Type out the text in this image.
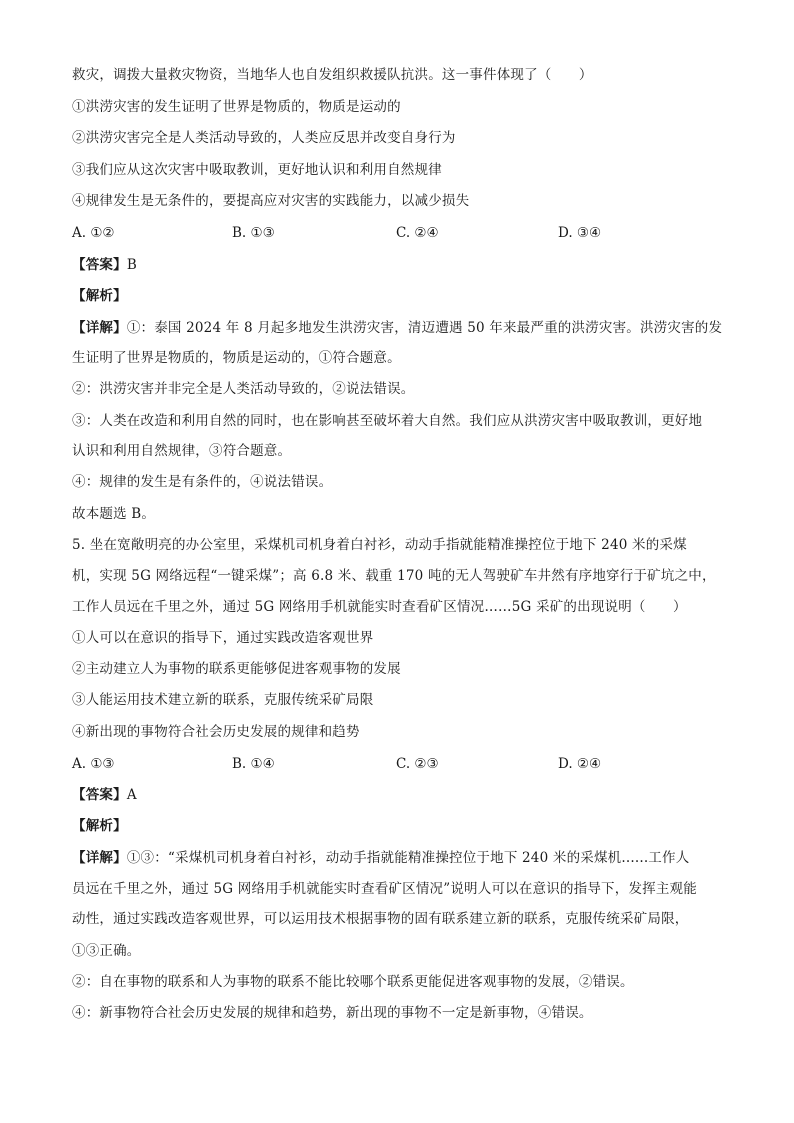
救灾，调拨大量救灾物资，当地华人也自发组织救援队抗洪。这一事件体现了（　　）
①洪涝灾害的发生证明了世界是物质的，物质是运动的
②洪涝灾害完全是人类活动导致的，人类应反思并改变自身行为
③我们应从这次灾害中吸取教训，更好地认识和利用自然规律
④规律发生是无条件的，要提高应对灾害的实践能力，以减少损失
A. ①②	B. ①③	C. ②④	D. ③④
【答案】B
【解析】
【详解】①：泰国 2024 年 8 月起多地发生洪涝灾害，清迈遭遇 50 年来最严重的洪涝灾害。洪涝灾害的发
生证明了世界是物质的，物质是运动的，①符合题意。
②：洪涝灾害并非完全是人类活动导致的，②说法错误。
③：人类在改造和利用自然的同时，也在影响甚至破坏着大自然。我们应从洪涝灾害中吸取教训，更好地
认识和利用自然规律，③符合题意。
④：规律的发生是有条件的，④说法错误。
故本题选 B。
5. 坐在宽敞明亮的办公室里，采煤机司机身着白衬衫，动动手指就能精准操控位于地下 240 米的采煤
机，实现 5G 网络远程“一键采煤”；高 6.8 米、载重 170 吨的无人驾驶矿车井然有序地穿行于矿坑之中，
工作人员远在千里之外，通过 5G 网络用手机就能实时查看矿区情况……5G 采矿的出现说明（　　）
①人可以在意识的指导下，通过实践改造客观世界
②主动建立人为事物的联系更能够促进客观事物的发展
③人能运用技术建立新的联系，克服传统采矿局限
④新出现的事物符合社会历史发展的规律和趋势
A. ①③	B. ①④	C. ②③	D. ②④
【答案】A
【解析】
【详解】①③：“采煤机司机身着白衬衫，动动手指就能精准操控位于地下 240 米的采煤机......工作人
员远在千里之外，通过 5G 网络用手机就能实时查看矿区情况”说明人可以在意识的指导下，发挥主观能
动性，通过实践改造客观世界，可以运用技术根据事物的固有联系建立新的联系，克服传统采矿局限，
①③正确。
②：自在事物的联系和人为事物的联系不能比较哪个联系更能促进客观事物的发展，②错误。
④：新事物符合社会历史发展的规律和趋势，新出现的事物不一定是新事物，④错误。
